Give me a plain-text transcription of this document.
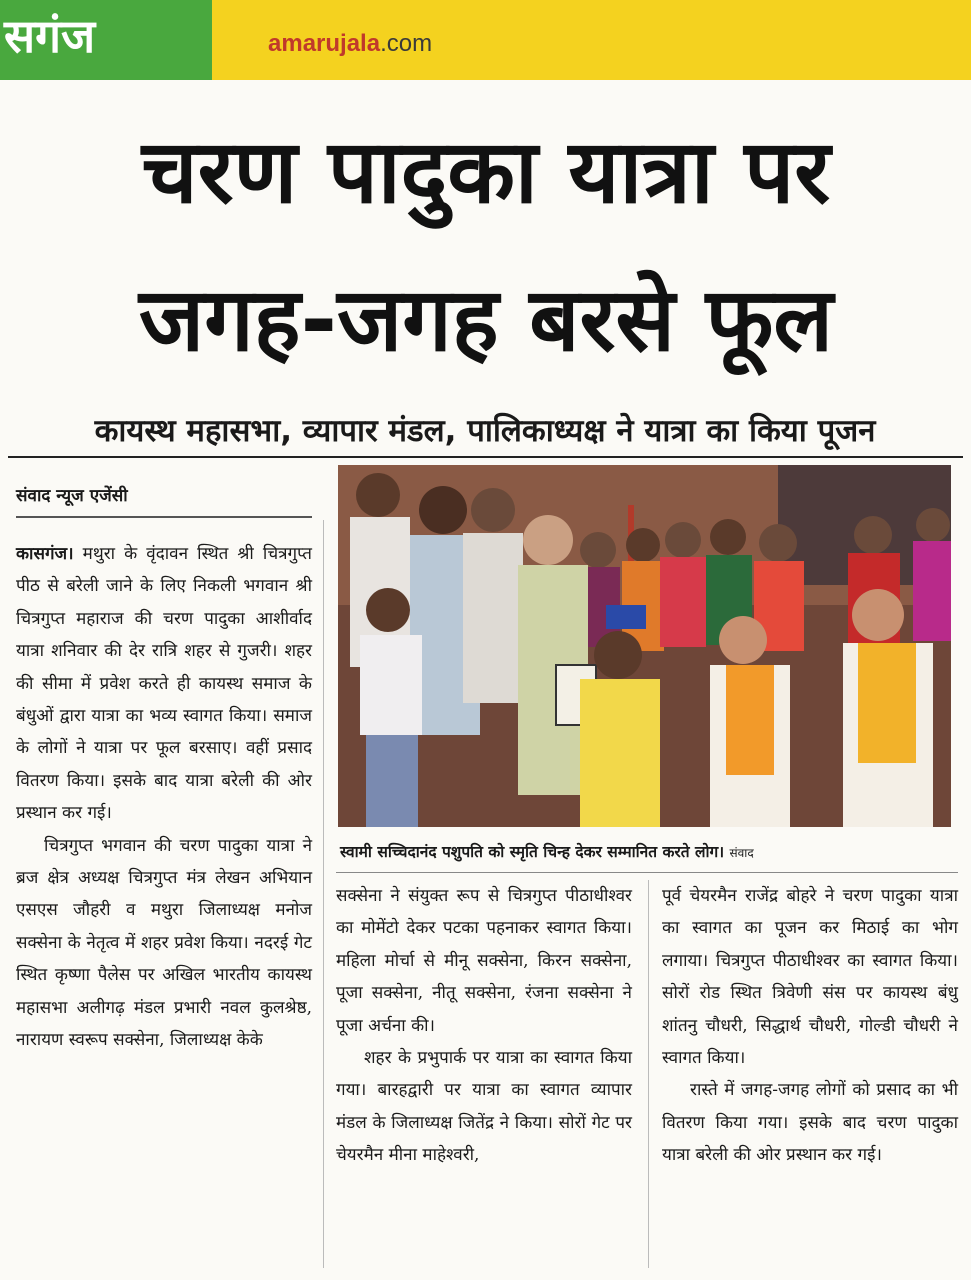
सगंज	amarujala.com
चरण पादुका यात्रा पर
जगह-जगह बरसे फूल
कायस्थ महासभा, व्यापार मंडल, पालिकाध्यक्ष ने यात्रा का किया पूजन
संवाद न्यूज एजेंसी

कासगंज। मथुरा के वृंदावन स्थित श्री चित्रगुप्त पीठ से बरेली जाने के लिए निकली भगवान श्री चित्रगुप्त महाराज की चरण पादुका आशीर्वाद यात्रा शनिवार की देर रात्रि शहर से गुजरी। शहर की सीमा में प्रवेश करते ही कायस्थ समाज के बंधुओं द्वारा यात्रा का भव्य स्वागत किया। समाज के लोगों ने यात्रा पर फूल बरसाए। वहीं प्रसाद वितरण किया। इसके बाद यात्रा बरेली की ओर प्रस्थान कर गई।

चित्रगुप्त भगवान की चरण पादुका यात्रा ने ब्रज क्षेत्र अध्यक्ष चित्रगुप्त मंत्र लेखन अभियान एसएस जौहरी व मथुरा जिलाध्यक्ष मनोज सक्सेना के नेतृत्व में शहर प्रवेश किया। नदरई गेट स्थित कृष्णा पैलेस पर अखिल भारतीय कायस्थ महासभा अलीगढ़ मंडल प्रभारी नवल कुलश्रेष्ठ, नारायण स्वरूप सक्सेना, जिलाध्यक्ष केके

स्वामी सच्चिदानंद पशुपति को स्मृति चिन्ह देकर सम्मानित करते लोग। संवाद

सक्सेना ने संयुक्त रूप से चित्रगुप्त पीठाधीश्वर का मोमेंटो देकर पटका पहनाकर स्वागत किया। महिला मोर्चा से मीनू सक्सेना, किरन सक्सेना, पूजा सक्सेना, नीतू सक्सेना, रंजना सक्सेना ने पूजा अर्चना की।

शहर के प्रभुपार्क पर यात्रा का स्वागत किया गया। बारहद्वारी पर यात्रा का स्वागत व्यापार मंडल के जिलाध्यक्ष जितेंद्र ने किया। सोरों गेट पर चेयरमैन मीना माहेश्वरी,

पूर्व चेयरमैन राजेंद्र बोहरे ने चरण पादुका यात्रा का स्वागत का पूजन कर मिठाई का भोग लगाया। चित्रगुप्त पीठाधीश्वर का स्वागत किया। सोरों रोड स्थित त्रिवेणी संस पर कायस्थ बंधु शांतनु चौधरी, सिद्धार्थ चौधरी, गोल्डी चौधरी ने स्वागत किया।

रास्ते में जगह-जगह लोगों को प्रसाद का भी वितरण किया गया। इसके बाद चरण पादुका यात्रा बरेली की ओर प्रस्थान कर गई।
